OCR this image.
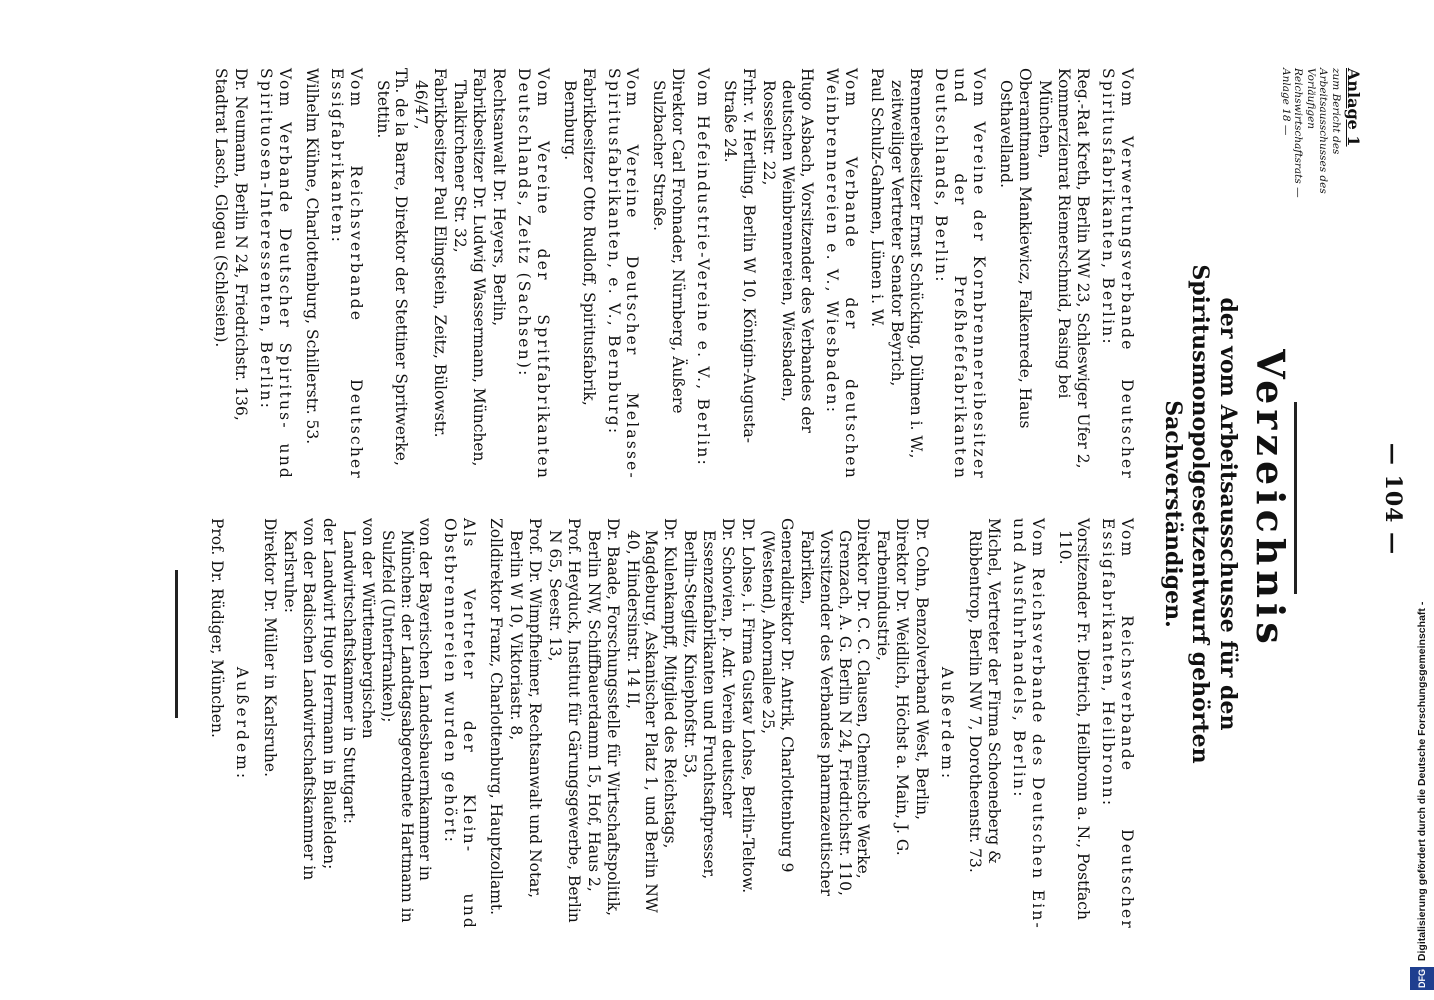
— 104 —
Anlage 1
zum Bericht des Arbeitsausschusses des Vorläufigen Reichswirtschaftsrats — Anlage 18 —
Verzeichnis
der vom Arbeitsausschusse für den Spiritusmonopolgesetzentwurf gehörten Sachverständigen.
Vom Verwertungsverbande Deutscher Spiritusfabrikanten, Berlin:
Reg.-Rat Kreth, Berlin NW 23, Schleswiger Ufer 2,
Kommerzienrat Riemerschmid, Pasing bei München,
Oberamtmann Mankiewicz, Falkenrede, Haus Osthavelland.
Vom Vereine der Kornbrennereibesitzer und der Preßhefefabrikanten Deutschlands, Berlin:
Brennereibesitzer Ernst Schücking, Dülmen i. W., zeitweiliger Vertreter Senator Beyrich,
Paul Schulz-Gahmen, Lünen i. W.
Vom Verbande der deutschen Weinbrennereien e. V., Wiesbaden:
Hugo Asbach, Vorsitzender des Verbandes der deutschen Weinbrennereien, Wiesbaden, Rosselstr. 22,
Frhr. v. Hertling, Berlin W 10, Königin-Augusta-Straße 24.
Vom Hefeindustrie-Vereine e. V., Berlin:
Direktor Carl Frohnader, Nürnberg, Äußere Sulzbacher Straße.
Vom Vereine Deutscher Melasse-Spiritusfabrikanten, e. V., Bernburg:
Fabrikbesitzer Otto Rudloff, Spiritusfabrik, Bernburg.
Vom Vereine der Spritfabrikanten Deutschlands, Zeitz (Sachsen):
Rechtsanwalt Dr. Heyers, Berlin,
Fabrikbesitzer Dr. Ludwig Wassermann, München, Thalkirchener Str. 32,
Fabrikbesitzer Paul Elingstein, Zeitz, Bülowstr. 46/47,
Th. de la Barre, Direktor der Stettiner Spritwerke, Stettin.
Vom Reichsverbande Deutscher Essigfabrikanten:
Wilhelm Kühne, Charlottenburg, Schillerstr. 53.
Vom Verbande Deutscher Spiritus- und Spirituosen-Interessenten, Berlin:
Dr. Neumann, Berlin N 24, Friedrichstr. 136,
Stadtrat Lasch, Glogau (Schlesien).
Vom Reichsverbande Deutscher Essigfabrikanten, Heilbronn:
Vorsitzender Fr. Dietrich, Heilbronn a. N., Postfach 110.
Vom Reichsverbande des Deutschen Ein- und Ausfuhrhandels, Berlin:
Michel, Vertreter der Firma Schoeneberg & Ribbentrop, Berlin NW 7, Dorotheenstr. 73.
Außerdem:
Dr. Cohn, Benzolverband West, Berlin,
Direktor Dr. Weidlich, Höchst a. Main, J. G. Farbenindustrie,
Direktor Dr. C. C. Clausen, Chemische Werke, Grenzach, A. G. Berlin N 24, Friedrichstr. 110, Vorsitzender des Verbandes pharmazeutischer Fabriken,
Generaldirektor Dr. Antrik, Charlottenburg 9 (Westend), Ahornallee 25,
Dr. Lohse, i. Firma Gustav Lohse, Berlin-Teltow.
Dr. Schovien, p. Adr. Verein deutscher Essenzenfabrikanten und Fruchtsaftpresser, Berlin-Steglitz, Kniephofstr. 53,
Dr. Kulenkampff, Mitglied des Reichstags, Magdeburg, Askanischer Platz 1, und Berlin NW 40, Hindersinstr. 14 II,
Dr. Baade, Forschungsstelle für Wirtschaftspolitik, Berlin NW, Schiffbauerdamm 15, Hof, Haus 2,
Prof. Heyduck, Institut für Gärungsgewerbe, Berlin N 65, Seestr. 13,
Prof. Dr. Wimpfheimer, Rechtsanwalt und Notar, Berlin W 10, Viktoriastr. 8,
Zolldirektor Franz, Charlottenburg, Hauptzollamt.
Als Vertreter der Klein- und Obstbrennereien wurden gehört:
von der Bayerischen Landesbauernkammer in München: der Landtagsabgeordnete Hartmann in Sulzfeld (Unterfranken);
von der Württembergischen Landwirtschaftskammer in Stuttgart:
der Landwirt Hugo Herrmann in Blaufelden;
von der Badischen Landwirtschaftskammer in Karlsruhe:
Direktor Dr. Müller in Karlsruhe.
Außerdem:
Prof. Dr. Rüdiger, München.
DFG Digitalisierung gefördert durch die Deutsche Forschungsgemeinschaft -
